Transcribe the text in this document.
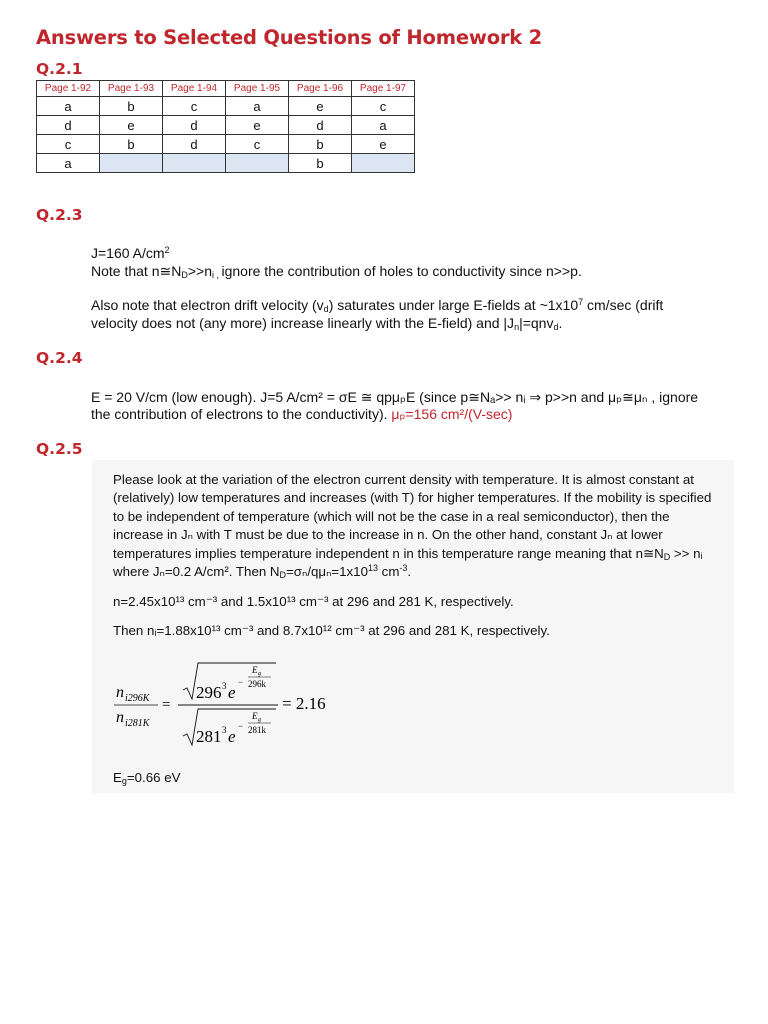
Answers to Selected Questions of Homework 2
Q.2.1
Page 1-92	Page 1-93	Page 1-94	Page 1-95	Page 1-96	Page 1-97
a	b	c	a	e	c
d	e	d	e	d	a
c	b	d	c	b	e
a				b	
Q.2.3
J=160 $A/cm^2$
Note that $n≅N_D>>n_{i ,}$ ignore the contribution of holes to conductivity since n>>p.
Also note that electron drift velocity $(v_d)$ saturates under large E-fields at $\sim 1x10^7$ cm/sec (drift
velocity does not (any more) increase linearly with the E-field) and $|J_n|=qnv_d$.
Q.2.4
E = 20 V/cm (low enough). J=5 A/cm² = σE ≅ qpμₚE (since p≅Nₐ>> nᵢ ⇒ p>>n and μₚ≅μₙ , ignore
the contribution of electrons to the conductivity). μₚ=156 cm²/(V-sec)
Q.2.5
Please look at the variation of the electron current density with temperature. It is almost constant at (relatively) low temperatures and increases (with T) for higher temperatures. If the mobility is specified to be independent of temperature (which will not be the case in a real semiconductor), then the increase in Jₙ with T must be due to the increase in n. On the other hand, constant Jₙ at lower temperatures implies temperature independent n in this temperature range meaning that $n≅N_D$ >> nᵢ where Jₙ=0.2 A/cm². Then $N_D=\sigma_n/q\mu_n=1x10^{13}$ $cm^{-3}$.
n=2.45x10¹³ cm⁻³ and 1.5x10¹³ cm⁻³ at 296 and 281 K, respectively.
Then nᵢ=1.88x10¹³ cm⁻³ and 8.7x10¹² cm⁻³ at 296 and 281 K, respectively.
$E_g=0.66$ eV
n i296K
n i281K
=
296 3 e
−
E g
296k
281 3 e
−
E g
281k
= 2.16
